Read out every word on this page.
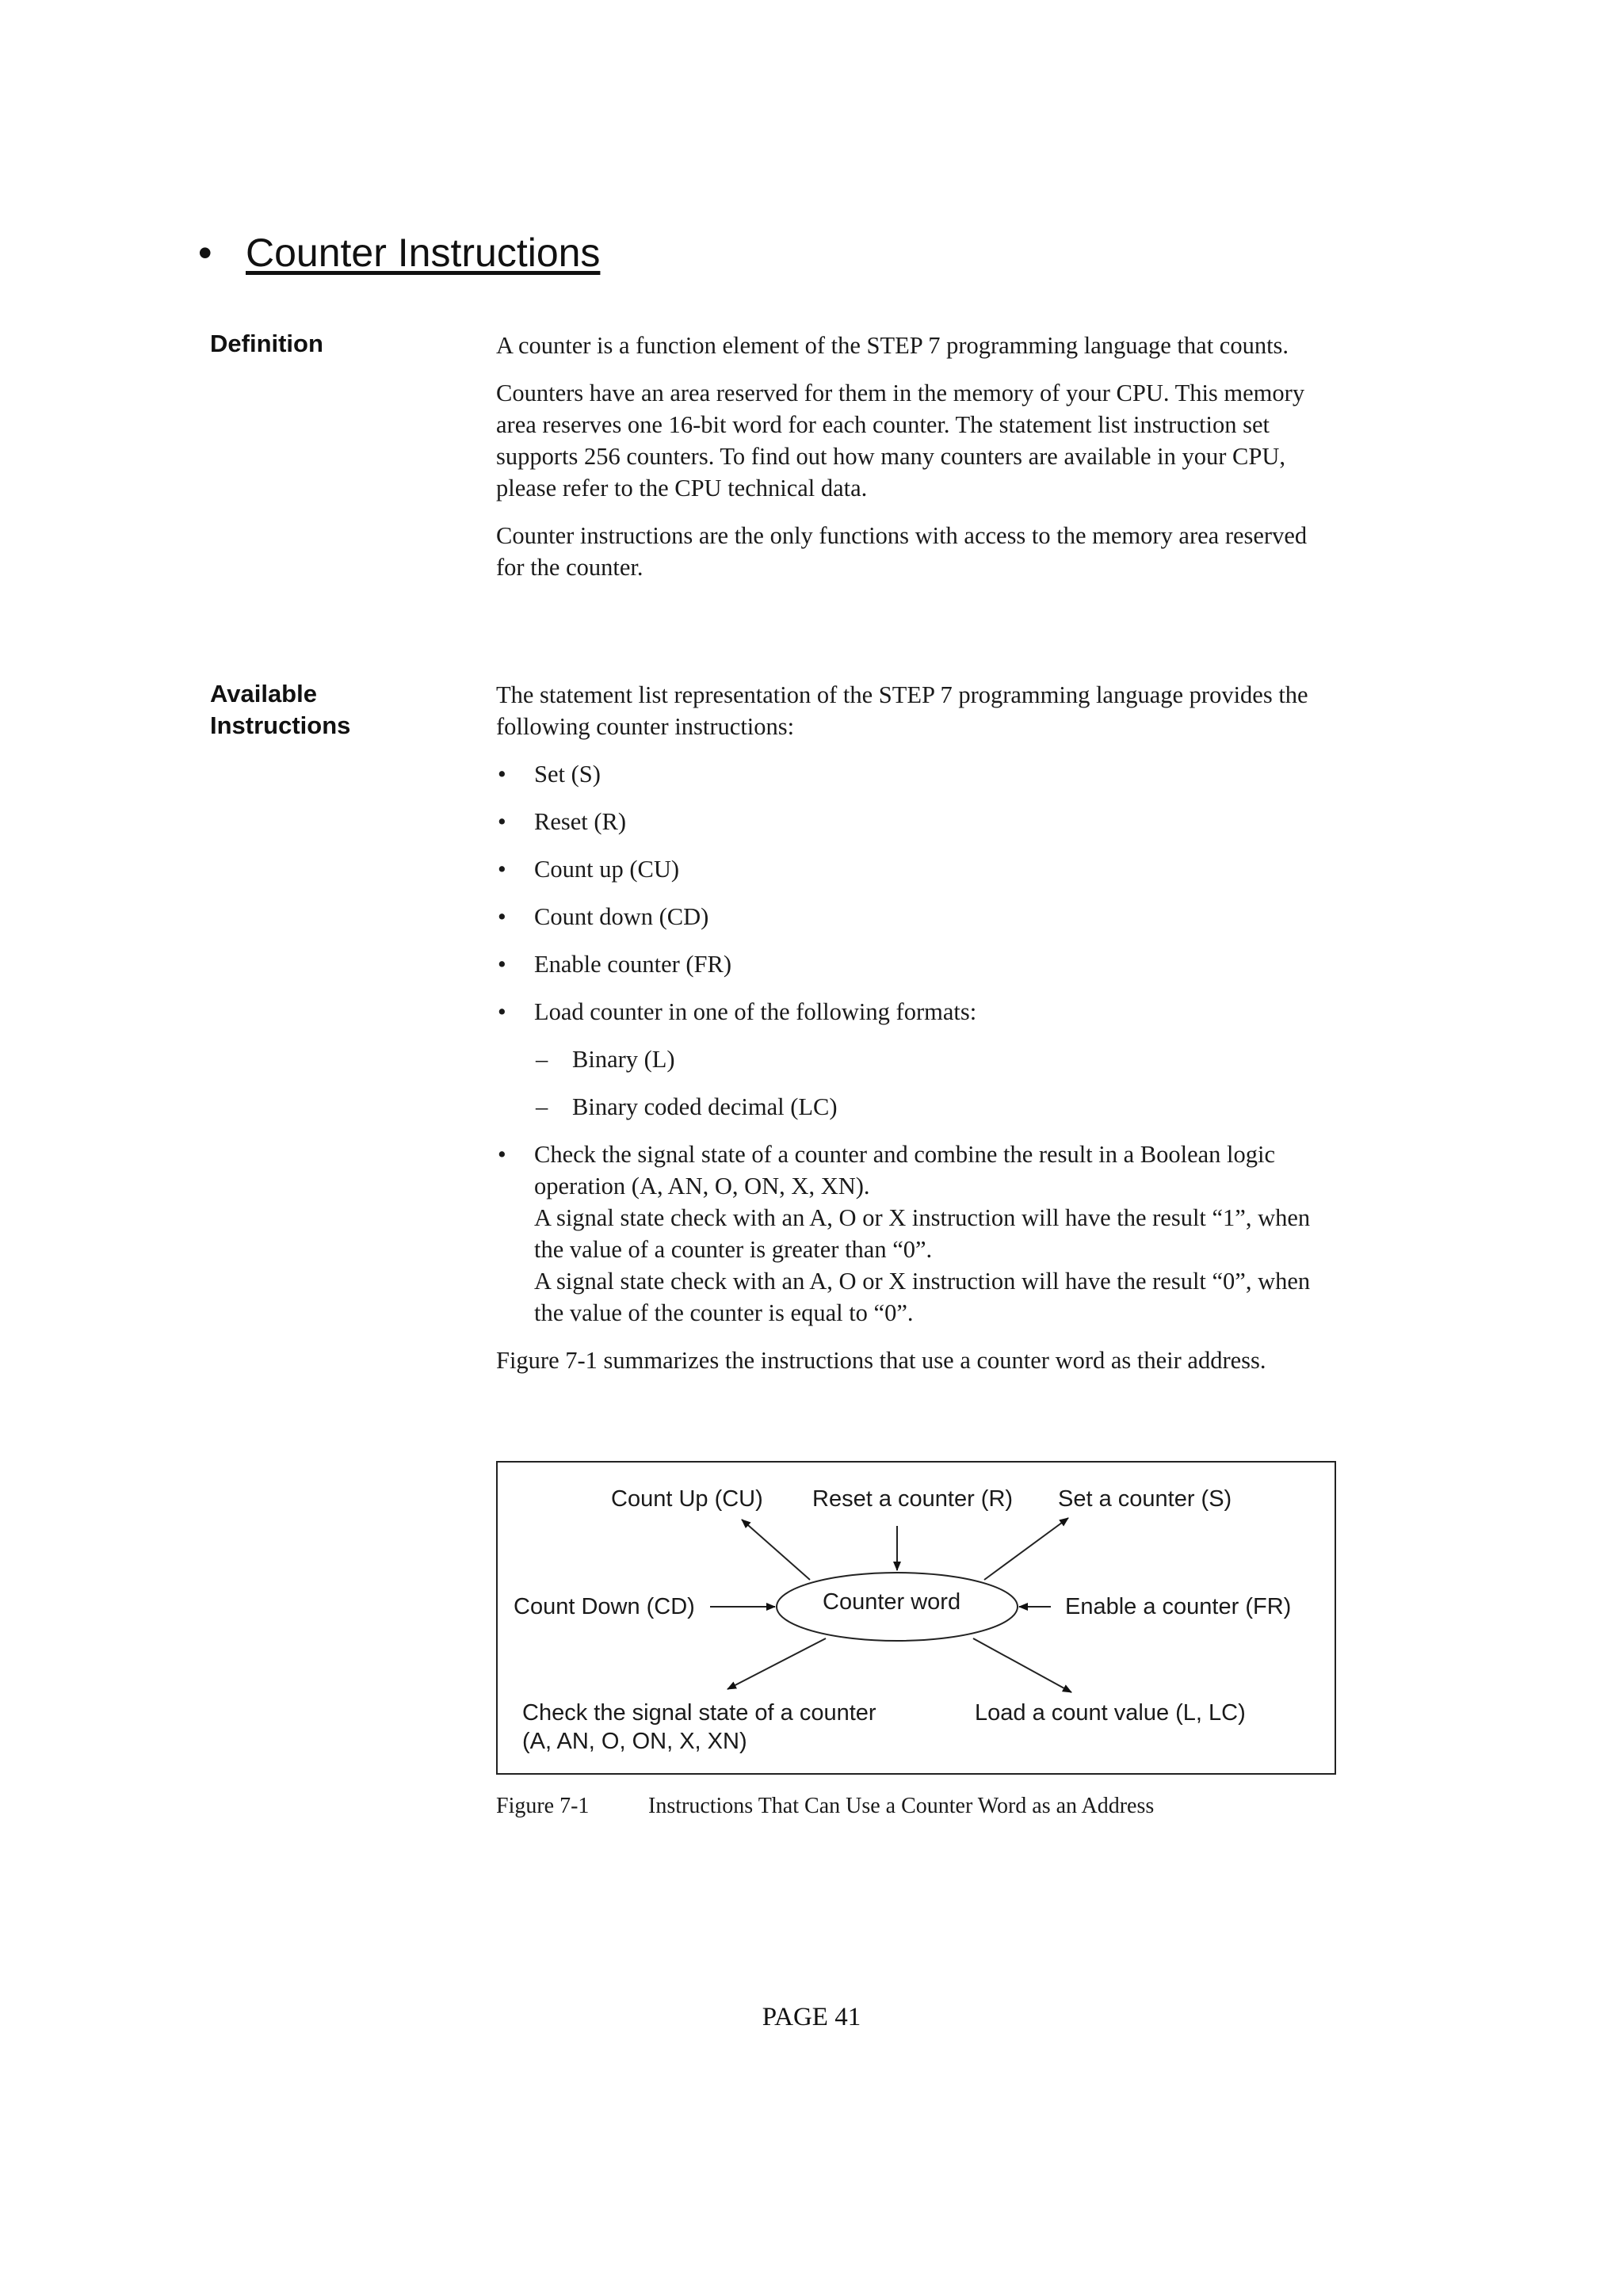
• Counter Instructions
Definition	A counter is a function element of the STEP 7 programming language that counts.

Counters have an area reserved for them in the memory of your CPU. This memory area reserves one 16-bit word for each counter. The statement list instruction set supports 256 counters. To find out how many counters are available in your CPU, please refer to the CPU technical data.

Counter instructions are the only functions with access to the memory area reserved for the counter.

Available
Instructions

The statement list representation of the STEP 7 programming language provides the following counter instructions:

• Set (S)
• Reset (R)
• Count up (CU)
• Count down (CD)
• Enable counter (FR)
• Load counter in one of the following formats:
– Binary (L)
– Binary coded decimal (LC)
• Check the signal state of a counter and combine the result in a Boolean logic operation (A, AN, O, ON, X, XN).
A signal state check with an A, O or X instruction will have the result “1”, when the value of a counter is greater than “0”.
A signal state check with an A, O or X instruction will have the result “0”, when the value of the counter is equal to “0”.

Figure 7-1 summarizes the instructions that use a counter word as their address.

Count Up (CU) Reset a counter (R) Set a counter (S)
Count Down (CD)	Counter word	Enable a counter (FR)
Check the signal state of a counter
(A, AN, O, ON, X, XN)
Load a count value (L, LC)
Figure 7-1	Instructions That Can Use a Counter Word as an Address
PAGE 41
